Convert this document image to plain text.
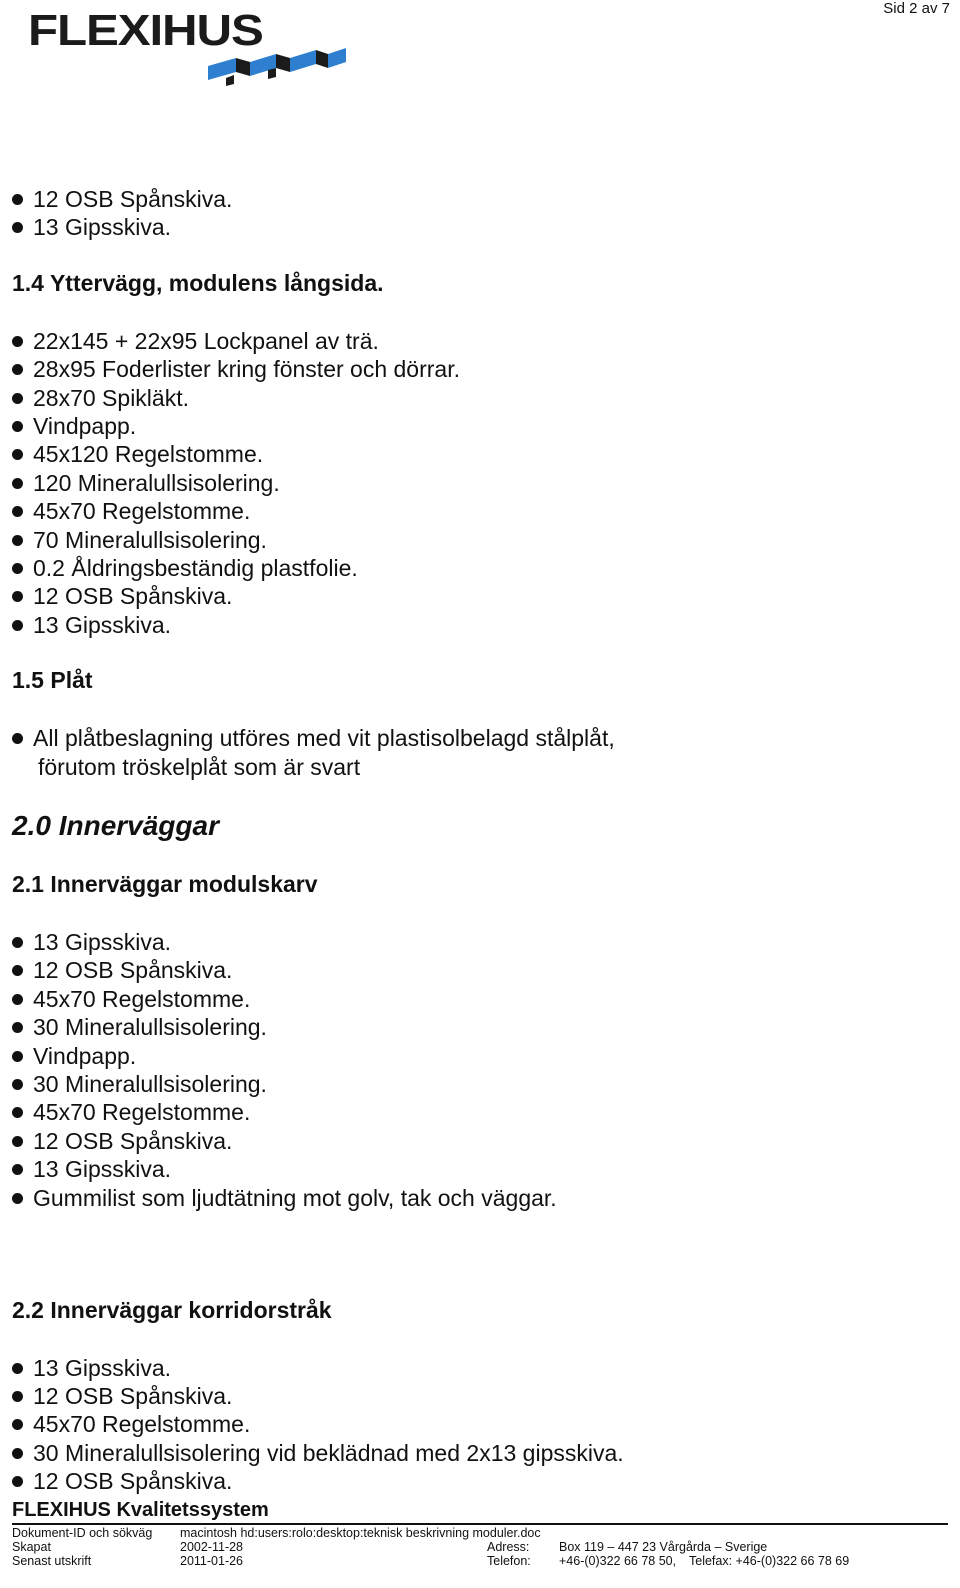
Sid 2 av 7
FLEXIHUS
12 OSB Spånskiva.
13 Gipsskiva.
1.4 Yttervägg, modulens långsida.
22x145 + 22x95 Lockpanel av trä.
28x95 Foderlister kring fönster och dörrar.
28x70 Spikläkt.
Vindpapp.
45x120 Regelstomme.
120 Mineralullsisolering.
45x70 Regelstomme.
70 Mineralullsisolering.
0.2 Åldringsbeständig plastfolie.
12 OSB Spånskiva.
13 Gipsskiva.
1.5 Plåt
All plåtbeslagning utföres med vit plastisolbelagd stålplåt,
förutom tröskelplåt som är svart
2.0 Innerväggar
2.1 Innerväggar modulskarv
13 Gipsskiva.
12 OSB Spånskiva.
45x70 Regelstomme.
30 Mineralullsisolering.
Vindpapp.
30 Mineralullsisolering.
45x70 Regelstomme.
12 OSB Spånskiva.
13 Gipsskiva.
Gummilist som ljudtätning mot golv, tak och väggar.
2.2 Innerväggar korridorstråk
13 Gipsskiva.
12 OSB Spånskiva.
45x70 Regelstomme.
30 Mineralullsisolering vid beklädnad med 2x13 gipsskiva.
12 OSB Spånskiva.
FLEXIHUS Kvalitetssystem
Dokument-ID och sökväg macintosh hd:users:rolo:desktop:teknisk beskrivning moduler.doc
Skapat	2002-11-28	Adress: Box 119 – 447 23 Vårgårda – Sverige
Senast utskrift	2011-01-26	Telefon: +46-(0)322 66 78 50, Telefax: +46-(0)322 66 78 69
